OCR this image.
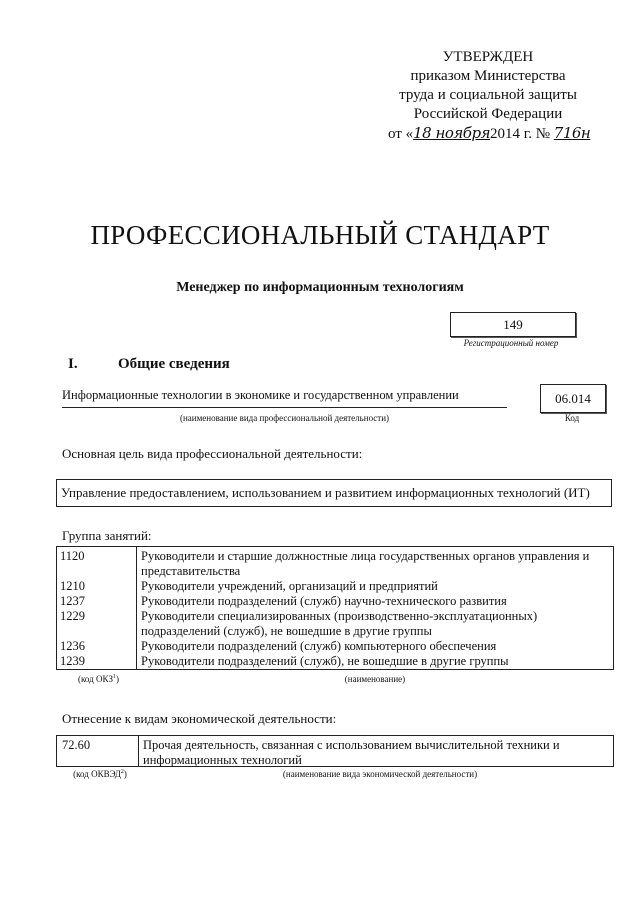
УТВЕРЖДЕН
приказом Министерства
труда и социальной защиты
Российской Федерации
от «18 ноября2014 г. № 716н
ПРОФЕССИОНАЛЬНЫЙ СТАНДАРТ
Менеджер по информационным технологиям
149
Регистрационный номер
I.	Общие сведения
Информационные технологии в экономике и государственном управлении
(наименование вида профессиональной деятельности)
06.014
Код
Основная цель вида профессиональной деятельности:
Управление предоставлением, использованием и развитием информационных технологий (ИТ)
Группа занятий:
1120	Руководители и старшие должностные лица государственных органов управления и представительства
1210	Руководители учреждений, организаций и предприятий
1237	Руководители подразделений (служб) научно-технического развития
1229	Руководители специализированных (производственно-эксплуатационных) подразделений (служб), не вошедшие в другие группы
1236	Руководители подразделений (служб) компьютерного обеспечения
1239	Руководители подразделений (служб), не вошедшие в другие группы
(код ОКЗ$^1$)	(наименование)
Отнесение к видам экономической деятельности:
72.60	Прочая деятельность, связанная с использованием вычислительной техники и информационных технологий
(код ОКВЭД$^2$)	(наименование вида экономической деятельности)
